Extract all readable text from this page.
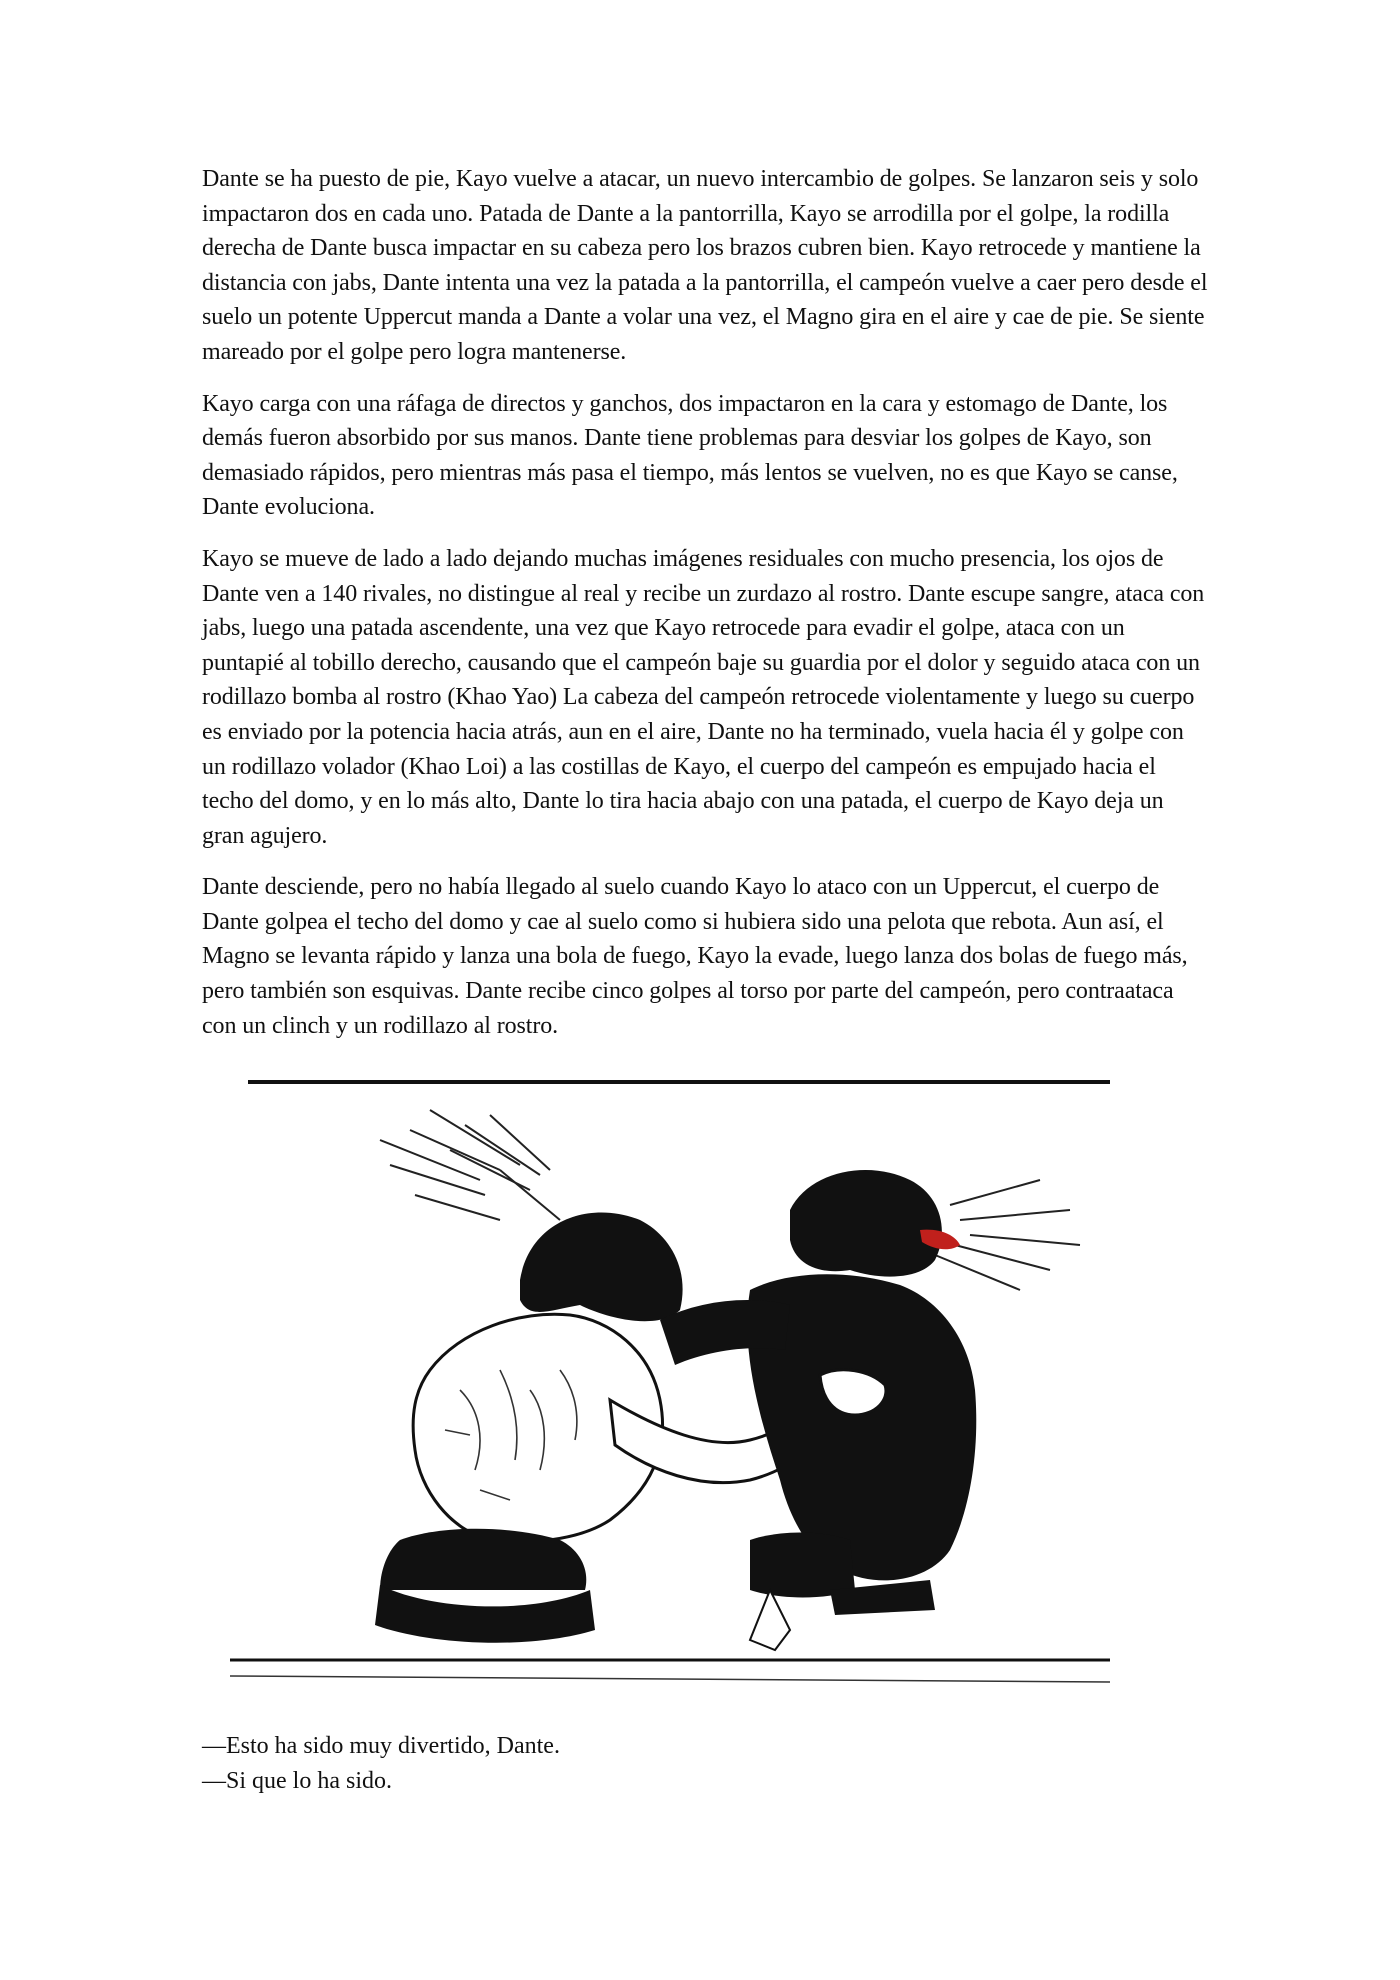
Dante se ha puesto de pie, Kayo vuelve a atacar, un nuevo intercambio de golpes. Se lanzaron seis y solo impactaron dos en cada uno. Patada de Dante a la pantorrilla, Kayo se arrodilla por el golpe, la rodilla derecha de Dante busca impactar en su cabeza pero los brazos cubren bien. Kayo retrocede y mantiene la distancia con jabs, Dante intenta una vez la patada a la pantorrilla, el campeón vuelve a caer pero desde el suelo un potente Uppercut manda a Dante a volar una vez, el Magno gira en el aire y cae de pie. Se siente mareado por el golpe pero logra mantenerse.

Kayo carga con una ráfaga de directos y ganchos, dos impactaron en la cara y estomago de Dante, los demás fueron absorbido por sus manos. Dante tiene problemas para desviar los golpes de Kayo, son demasiado rápidos, pero mientras más pasa el tiempo, más lentos se vuelven, no es que Kayo se canse, Dante evoluciona.

Kayo se mueve de lado a lado dejando muchas imágenes residuales con mucho presencia, los ojos de Dante ven a 140 rivales, no distingue al real y recibe un zurdazo al rostro. Dante escupe sangre, ataca con jabs, luego una patada ascendente, una vez que Kayo retrocede para evadir el golpe, ataca con un puntapié al tobillo derecho, causando que el campeón baje su guardia por el dolor y seguido ataca con un rodillazo bomba al rostro (Khao Yao) La cabeza del campeón retrocede violentamente y luego su cuerpo es enviado por la potencia hacia atrás, aun en el aire, Dante no ha terminado, vuela hacia él y golpe con un rodillazo volador (Khao Loi) a las costillas de Kayo, el cuerpo del campeón es empujado hacia el techo del domo, y en lo más alto, Dante lo tira hacia abajo con una patada, el cuerpo de Kayo deja un gran agujero.

Dante desciende, pero no había llegado al suelo cuando Kayo lo ataco con un Uppercut, el cuerpo de Dante golpea el techo del domo y cae al suelo como si hubiera sido una pelota que rebota. Aun así, el Magno se levanta rápido y lanza una bola de fuego, Kayo la evade, luego lanza dos bolas de fuego más, pero también son esquivas. Dante recibe cinco golpes al torso por parte del campeón, pero contraataca con un clinch y un rodillazo al rostro.

—Esto ha sido muy divertido, Dante.

—Si que lo ha sido.
